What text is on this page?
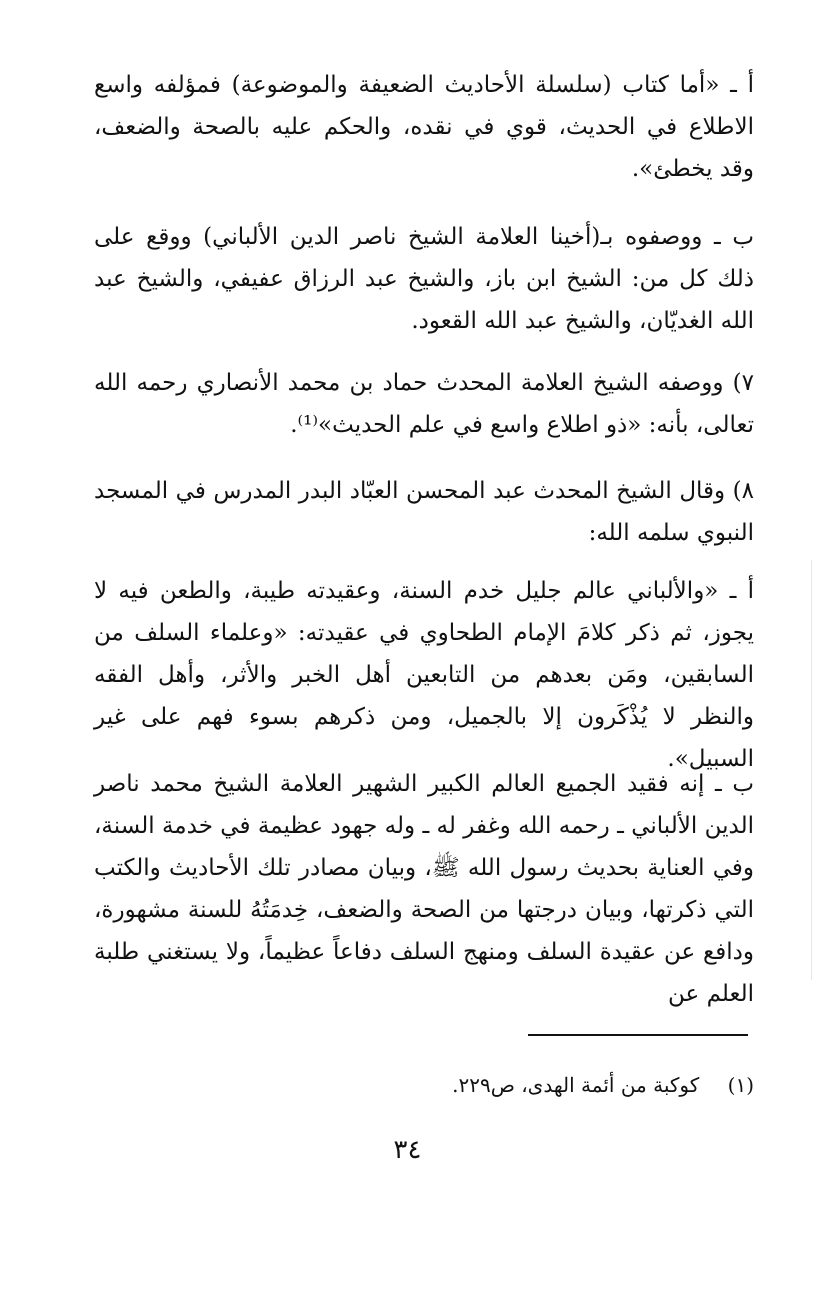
أ ـ «أما كتاب (سلسلة الأحاديث الضعيفة والموضوعة) فمؤلفه واسع الاطلاع في الحديث، قوي في نقده، والحكم عليه بالصحة والضعف، وقد يخطئ».

ب ـ ووصفوه بـ(أخينا العلامة الشيخ ناصر الدين الألباني) ووقع على ذلك كل من: الشيخ ابن باز، والشيخ عبد الرزاق عفيفي، والشيخ عبد الله الغديّان، والشيخ عبد الله القعود.

٧) ووصفه الشيخ العلامة المحدث حماد بن محمد الأنصاري رحمه الله تعالى، بأنه: «ذو اطلاع واسع في علم الحديث»⁽¹⁾.

٨) وقال الشيخ المحدث عبد المحسن العبّاد البدر المدرس في المسجد النبوي سلمه الله:

أ ـ «والألباني عالم جليل خدم السنة، وعقيدته طيبة، والطعن فيه لا يجوز، ثم ذكر كلامَ الإمام الطحاوي في عقيدته: «وعلماء السلف من السابقين، ومَن بعدهم من التابعين أهل الخبر والأثر، وأهل الفقه والنظر لا يُذْكَرون إلا بالجميل، ومن ذكرهم بسوء فهم على غير السبيل».

ب ـ إنه فقيد الجميع العالم الكبير الشهير العلامة الشيخ محمد ناصر الدين الألباني ـ رحمه الله وغفر له ـ وله جهود عظيمة في خدمة السنة، وفي العناية بحديث رسول الله ﷺ، وبيان مصادر تلك الأحاديث والكتب التي ذكرتها، وبيان درجتها من الصحة والضعف، خِدمَتُهُ للسنة مشهورة، ودافع عن عقيدة السلف ومنهج السلف دفاعاً عظيماً، ولا يستغني طلبة العلم عن

(١) كوكبة من أئمة الهدى، ص٢٢٩.
٣٤
